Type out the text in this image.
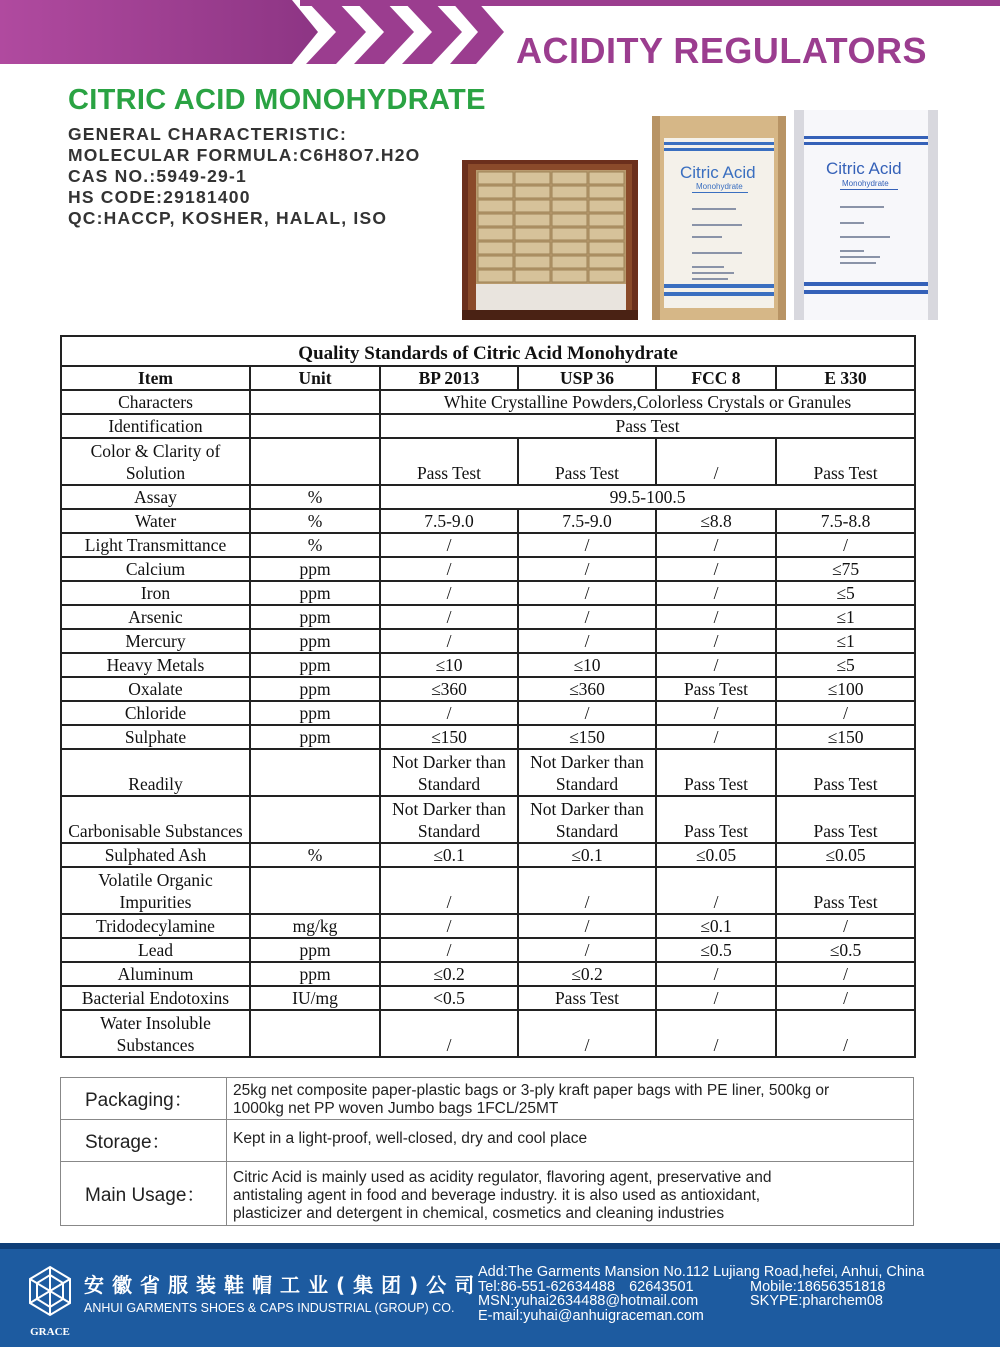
ACIDITY REGULATORS
CITRIC ACID MONOHYDRATE
GENERAL CHARACTERISTIC:
MOLECULAR FORMULA:C6H8O7.H2O
CAS NO.:5949-29-1
HS CODE:29181400
QC:HACCP, KOSHER, HALAL, ISO
Citric Acid
Monohydrate
Citric Acid
Monohydrate
Quality Standards of Citric Acid Monohydrate					
Item	Unit	BP 2013	USP 36	FCC 8	E 330
Characters		White Crystalline Powders,Colorless Crystals or Granules			
Identification		Pass Test			
Color & Clarity of Solution		Pass Test	Pass Test	/	Pass Test
Assay	%	99.5-100.5			
Water	%	7.5-9.0	7.5-9.0	≤8.8	7.5-8.8
Light Transmittance	%	/	/	/	/
Calcium	ppm	/	/	/	≤75
Iron	ppm	/	/	/	≤5
Arsenic	ppm	/	/	/	≤1
Mercury	ppm	/	/	/	≤1
Heavy Metals	ppm	≤10	≤10	/	≤5
Oxalate	ppm	≤360	≤360	Pass Test	≤100
Chloride	ppm	/	/	/	/
Sulphate	ppm	≤150	≤150	/	≤150
Readily		Not Darker than Standard	Not Darker than Standard	Pass Test	Pass Test
Carbonisable Substances		Not Darker than Standard	Not Darker than Standard	Pass Test	Pass Test
Sulphated Ash	%	≤0.1	≤0.1	≤0.05	≤0.05
Volatile Organic Impurities		/	/	/	Pass Test
Tridodecylamine	mg/kg	/	/	≤0.1	/
Lead	ppm	/	/	≤0.5	≤0.5
Aluminum	ppm	≤0.2	≤0.2	/	/
Bacterial Endotoxins	IU/mg	<0.5	Pass Test	/	/
Water Insoluble Substances		/	/	/	/
Packaging：	25kg net composite paper-plastic bags or 3-ply kraft paper bags with PE liner, 500kg or
1000kg net PP woven Jumbo bags 1FCL/25MT

Storage：	Kept in a light-proof, well-closed, dry and cool place

Main Usage：	Citric Acid is mainly used as acidity regulator, flavoring agent, preservative and
antistaling agent in food and beverage industry. it is also used as antioxidant,
plasticizer and detergent in chemical, cosmetics and cleaning industries
GRACE
安徽省服装鞋帽工业(集团)公司
ANHUI GARMENTS SHOES & CAPS INDUSTRIAL (GROUP) CO.
Add:The Garments Mansion No.112 Lujiang Road,hefei, Anhui, China
Tel:86-551-62634488 62643501	Mobile:18656351818
MSN:yuhai2634488@hotmail.com	SKYPE:pharchem08
E-mail:yuhai@anhuigraceman.com
